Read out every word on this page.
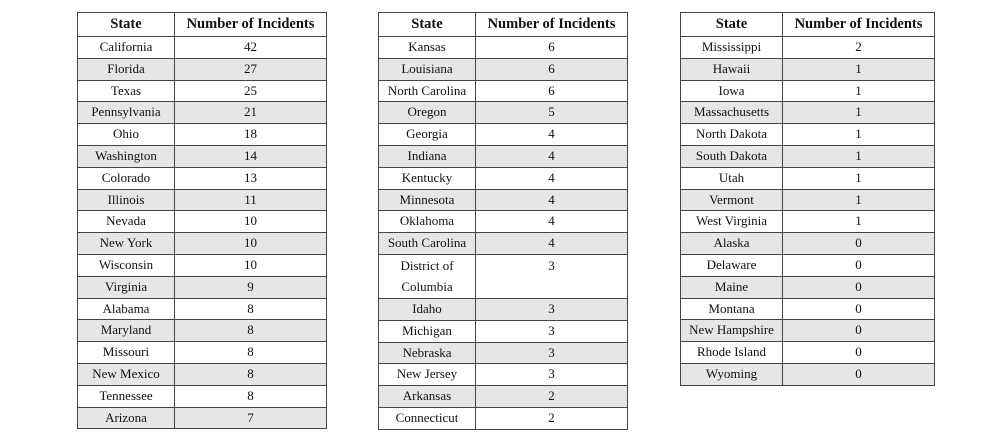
State	Number of Incidents
California	42
Florida	27
Texas	25
Pennsylvania	21
Ohio	18
Washington	14
Colorado	13
Illinois	11
Nevada	10
New York	10
Wisconsin	10
Virginia	9
Alabama	8
Maryland	8
Missouri	8
New Mexico	8
Tennessee	8
Arizona	7
State	Number of Incidents
Kansas	6
Louisiana	6
North Carolina	6
Oregon	5
Georgia	4
Indiana	4
Kentucky	4
Minnesota	4
Oklahoma	4
South Carolina	4
District of Columbia	3
Idaho	3
Michigan	3
Nebraska	3
New Jersey	3
Arkansas	2
Connecticut	2
State	Number of Incidents
Mississippi	2
Hawaii	1
Iowa	1
Massachusetts	1
North Dakota	1
South Dakota	1
Utah	1
Vermont	1
West Virginia	1
Alaska	0
Delaware	0
Maine	0
Montana	0
New Hampshire	0
Rhode Island	0
Wyoming	0
